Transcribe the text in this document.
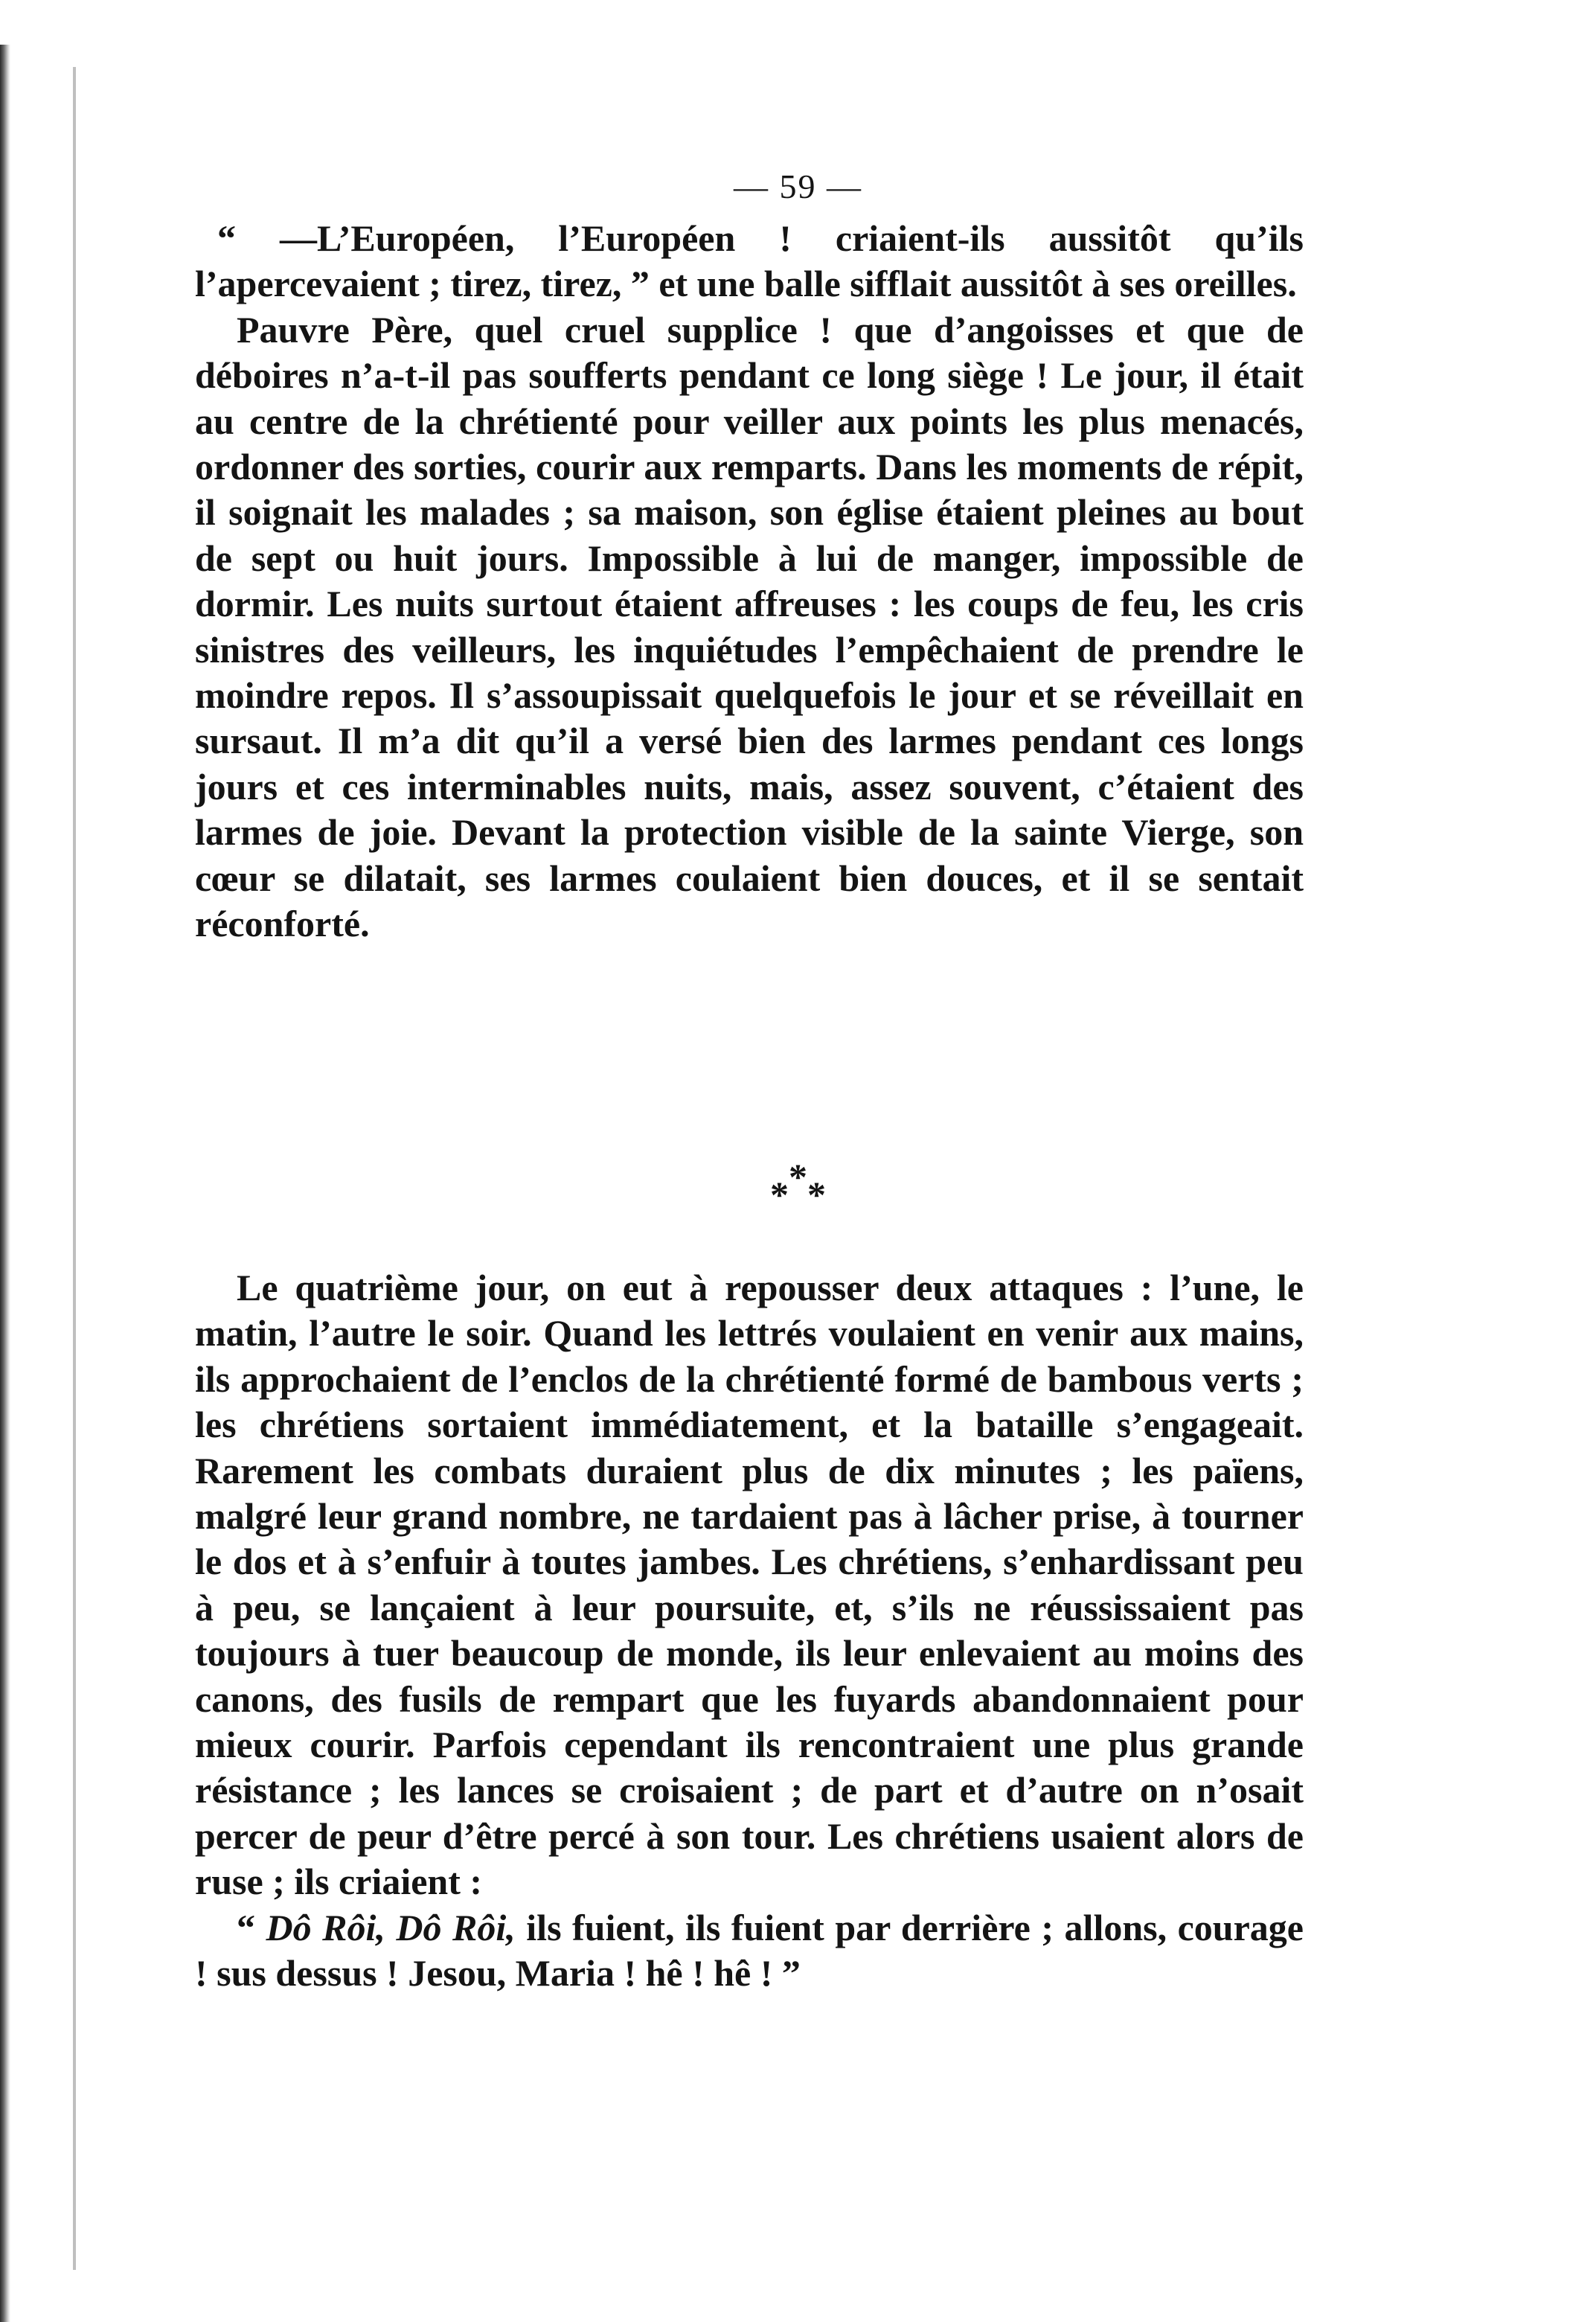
— 59 —

“ —L’Européen, l’Européen ! criaient-ils aussitôt qu’ils l’apercevaient ; tirez, tirez, ” et une balle sifflait aussitôt à ses oreilles.

Pauvre Père, quel cruel supplice ! que d’angoisses et que de déboires n’a-t-il pas soufferts pendant ce long siège ! Le jour, il était au centre de la chrétienté pour veiller aux points les plus menacés, ordonner des sorties, courir aux remparts. Dans les moments de répit, il soignait les malades ; sa maison, son église étaient pleines au bout de sept ou huit jours. Impossible à lui de manger, impossible de dormir. Les nuits surtout étaient affreuses : les coups de feu, les cris sinistres des veilleurs, les inquiétudes l’empêchaient de prendre le moindre repos. Il s’assoupissait quelquefois le jour et se réveillait en sursaut. Il m’a dit qu’il a versé bien des larmes pendant ces longs jours et ces interminables nuits, mais, assez souvent, c’étaient des larmes de joie. Devant la protection visible de la sainte Vierge, son cœur se dilatait, ses larmes coulaient bien douces, et il se sentait réconforté.

***

Le quatrième jour, on eut à repousser deux attaques : l’une, le matin, l’autre le soir. Quand les lettrés voulaient en venir aux mains, ils approchaient de l’enclos de la chrétienté formé de bambous verts ; les chrétiens sortaient immédiatement, et la bataille s’engageait. Rarement les combats duraient plus de dix minutes ; les païens, malgré leur grand nombre, ne tardaient pas à lâcher prise, à tourner le dos et à s’enfuir à toutes jambes. Les chrétiens, s’enhardissant peu à peu, se lançaient à leur poursuite, et, s’ils ne réussissaient pas toujours à tuer beaucoup de monde, ils leur enlevaient au moins des canons, des fusils de rempart que les fuyards abandonnaient pour mieux courir. Parfois cependant ils rencontraient une plus grande résistance ; les lances se croisaient ; de part et d’autre on n’osait percer de peur d’être percé à son tour. Les chrétiens usaient alors de ruse ; ils criaient :

“ Dô Rôi, Dô Rôi, ils fuient, ils fuient par derrière ; allons, courage ! sus dessus ! Jesou, Maria ! hê ! hê ! ”
